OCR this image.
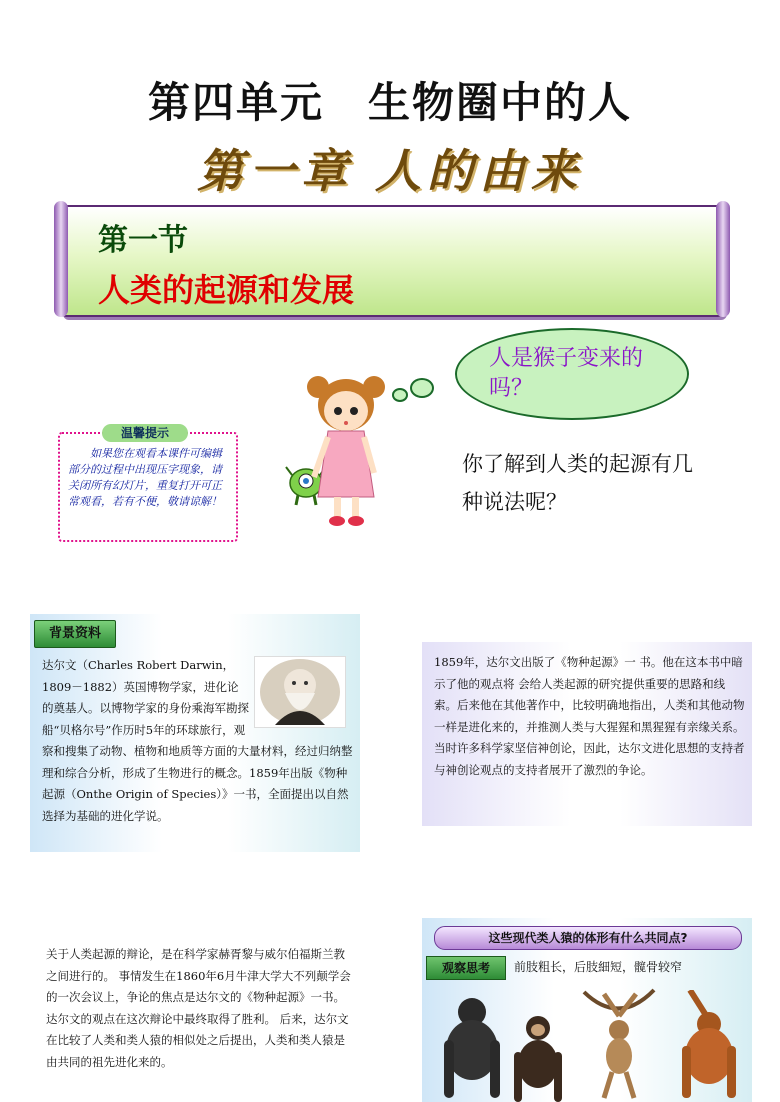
第四单元　生物圈中的人
第一章 人的由来
第一节
人类的起源和发展
人是猴子变来的吗？
温馨提示
如果您在观看本课件可编辑部分的过程中出现压字现象，请关闭所有幻灯片，重复打开可正常观看，若有不便，敬请谅解！
你了解到人类的起源有几种说法呢？
背景资料
达尔文（Charles Robert Darwin，1809－1882）英国博物学家，进化论的奠基人。以博物学家的身份乘海军勘探船“贝格尔号”作历时5年的环球旅行，观察和搜集了动物、植物和地质等方面的大量材料，经过归纳整理和综合分析，形成了生物进行的概念。1859年出版《物种起源（Onthe Origin of Species）》一书，全面提出以自然选择为基础的进化学说。
1859年，达尔文出版了《物种起源》一 书。他在这本书中暗示了他的观点将 会给人类起源的研究提供重要的思路和线索。后来他在其他著作中，比较明确地指出，人类和其他动物一样是进化来的，并推测人类与大猩猩和黑猩猩有亲缘关系。当时许多科学家坚信神创论，因此，达尔文进化思想的支持者与神创论观点的支持者展开了激烈的争论。
关于人类起源的辩论，是在科学家赫胥黎与威尔伯福斯兰教之间进行的。 事情发生在1860年6月牛津大学大不列颠学会的一次会议上，争论的焦点是达尔文的《物种起源》一书。达尔文的观点在这次辩论中最终取得了胜利。 后来，达尔文在比较了人类和类人猿的相似处之后提出，人类和类人猿是由共同的祖先进化来的。
这些现代类人猿的体形有什么共同点?
观察思考	前肢粗长，后肢細短，髋骨较窄
